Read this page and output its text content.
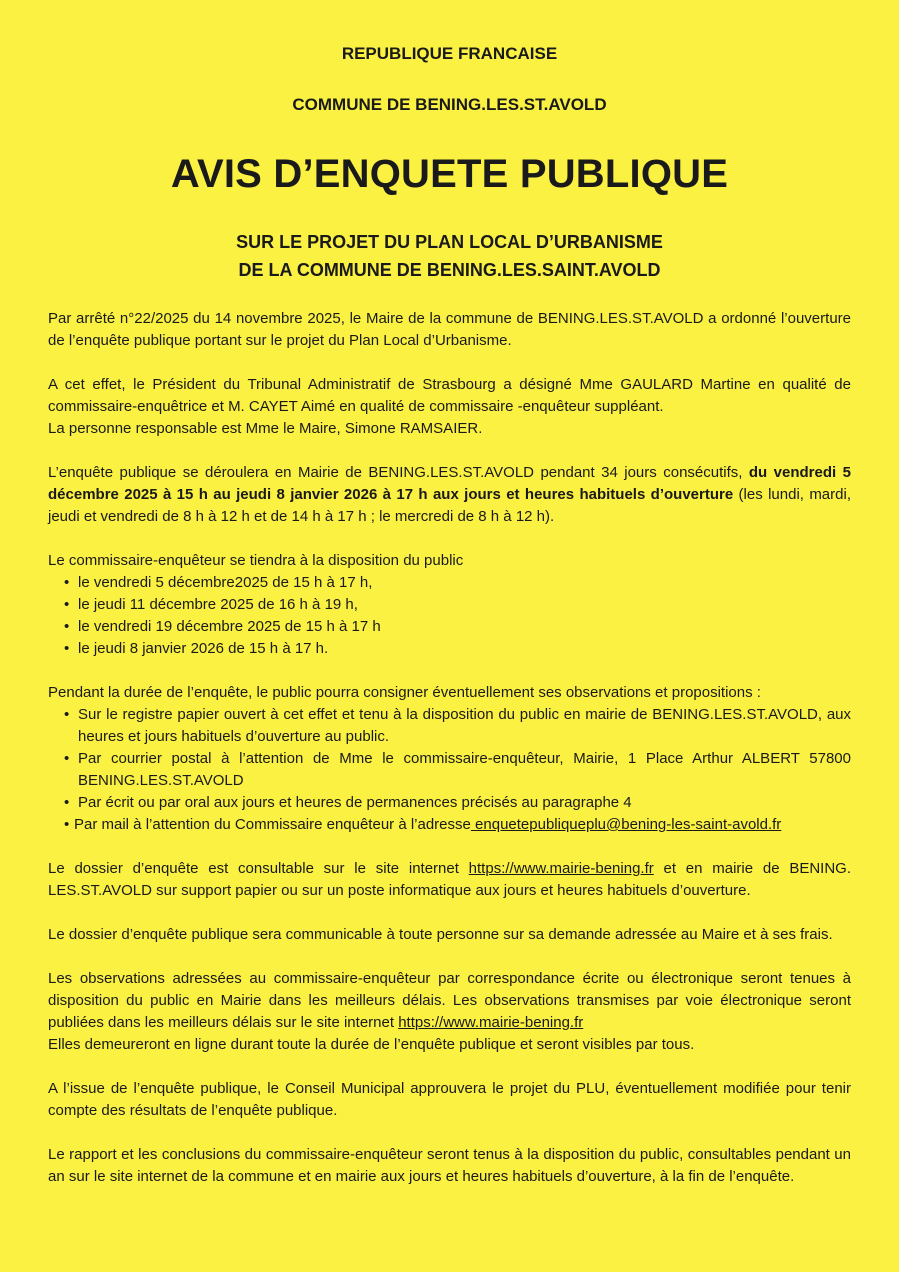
REPUBLIQUE FRANCAISE
COMMUNE DE BENING.LES.ST.AVOLD
AVIS D’ENQUETE PUBLIQUE
SUR LE PROJET DU PLAN LOCAL D’URBANISME
DE LA COMMUNE DE BENING.LES.SAINT.AVOLD

Par arrêté n°22/2025 du 14 novembre 2025, le Maire de la commune de BENING.LES.ST.AVOLD a ordonné l’ouverture de l’enquête publique portant sur le projet du Plan Local d’Urbanisme.

A cet effet, le Président du Tribunal Administratif de Strasbourg a désigné Mme GAULARD Martine en qualité de commissaire-enquêtrice et M. CAYET Aimé en qualité de commissaire -enquêteur suppléant.
La personne responsable est Mme le Maire, Simone RAMSAIER.

L’enquête publique se déroulera en Mairie de BENING.LES.ST.AVOLD pendant 34 jours consécutifs, du vendredi 5 décembre 2025 à 15 h au jeudi 8 janvier 2026 à 17 h aux jours et heures habituels d’ouverture (les lundi, mardi, jeudi et vendredi de 8 h à 12 h et de 14 h à 17 h ; le mercredi de 8 h à 12 h).

Le commissaire-enquêteur se tiendra à la disposition du public
• le vendredi 5 décembre2025 de 15 h à 17 h,
• le jeudi 11 décembre 2025 de 16 h à 19 h,
• le vendredi 19 décembre 2025 de 15 h à 17 h
• le jeudi 8 janvier 2026 de 15 h à 17 h.
Pendant la durée de l’enquête, le public pourra consigner éventuellement ses observations et propositions :
• Sur le registre papier ouvert à cet effet et tenu à la disposition du public en mairie de BENING.LES.ST.AVOLD, aux heures et jours habituels d’ouverture au public.
• Par courrier postal à l’attention de Mme le commissaire-enquêteur, Mairie, 1 Place Arthur ALBERT 57800 BENING.LES.ST.AVOLD
• Par écrit ou par oral aux jours et heures de permanences précisés au paragraphe 4
• Par mail à l’attention du Commissaire enquêteur à l’adresse enquetepubliqueplu@bening-les-saint-avold.fr

Le dossier d’enquête est consultable sur le site internet https://www.mairie-bening.fr et en mairie de BENING. LES.ST.AVOLD sur support papier ou sur un poste informatique aux jours et heures habituels d’ouverture.

Le dossier d’enquête publique sera communicable à toute personne sur sa demande adressée au Maire et à ses frais.

Les observations adressées au commissaire-enquêteur par correspondance écrite ou électronique seront tenues à disposition du public en Mairie dans les meilleurs délais. Les observations transmises par voie électronique seront publiées dans les meilleurs délais sur le site internet https://www.mairie-bening.fr
Elles demeureront en ligne durant toute la durée de l’enquête publique et seront visibles par tous.

A l’issue de l’enquête publique, le Conseil Municipal approuvera le projet du PLU, éventuellement modifiée pour tenir compte des résultats de l’enquête publique.

Le rapport et les conclusions du commissaire-enquêteur seront tenus à la disposition du public, consultables pendant un an sur le site internet de la commune et en mairie aux jours et heures habituels d’ouverture, à la fin de l’enquête.
